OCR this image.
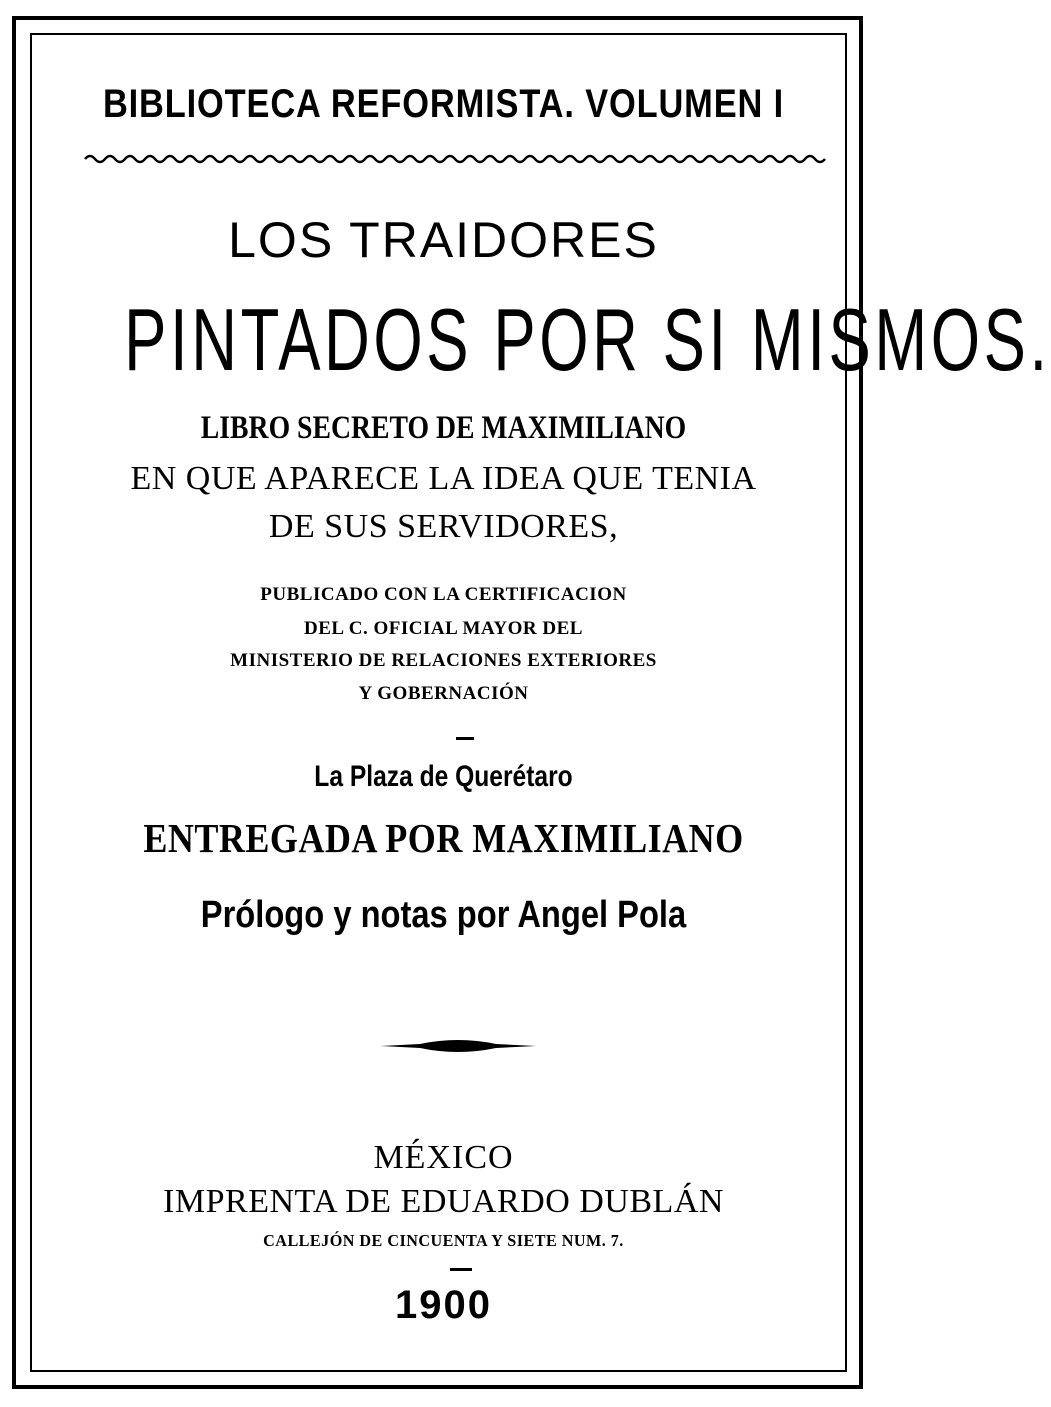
BIBLIOTECA REFORMISTA. VOLUMEN I
LOS TRAIDORES
PINTADOS POR SI MISMOS.
LIBRO SECRETO DE MAXIMILIANO
EN QUE APARECE LA IDEA QUE TENIA
DE SUS SERVIDORES,
PUBLICADO CON LA CERTIFICACION
DEL C. OFICIAL MAYOR DEL
MINISTERIO DE RELACIONES EXTERIORES
Y GOBERNACIÓN
La Plaza de Querétaro
ENTREGADA POR MAXIMILIANO
Prólogo y notas por Angel Pola
MÉXICO
IMPRENTA DE EDUARDO DUBLÁN
CALLEJÓN DE CINCUENTA Y SIETE NUM. 7.
1900
